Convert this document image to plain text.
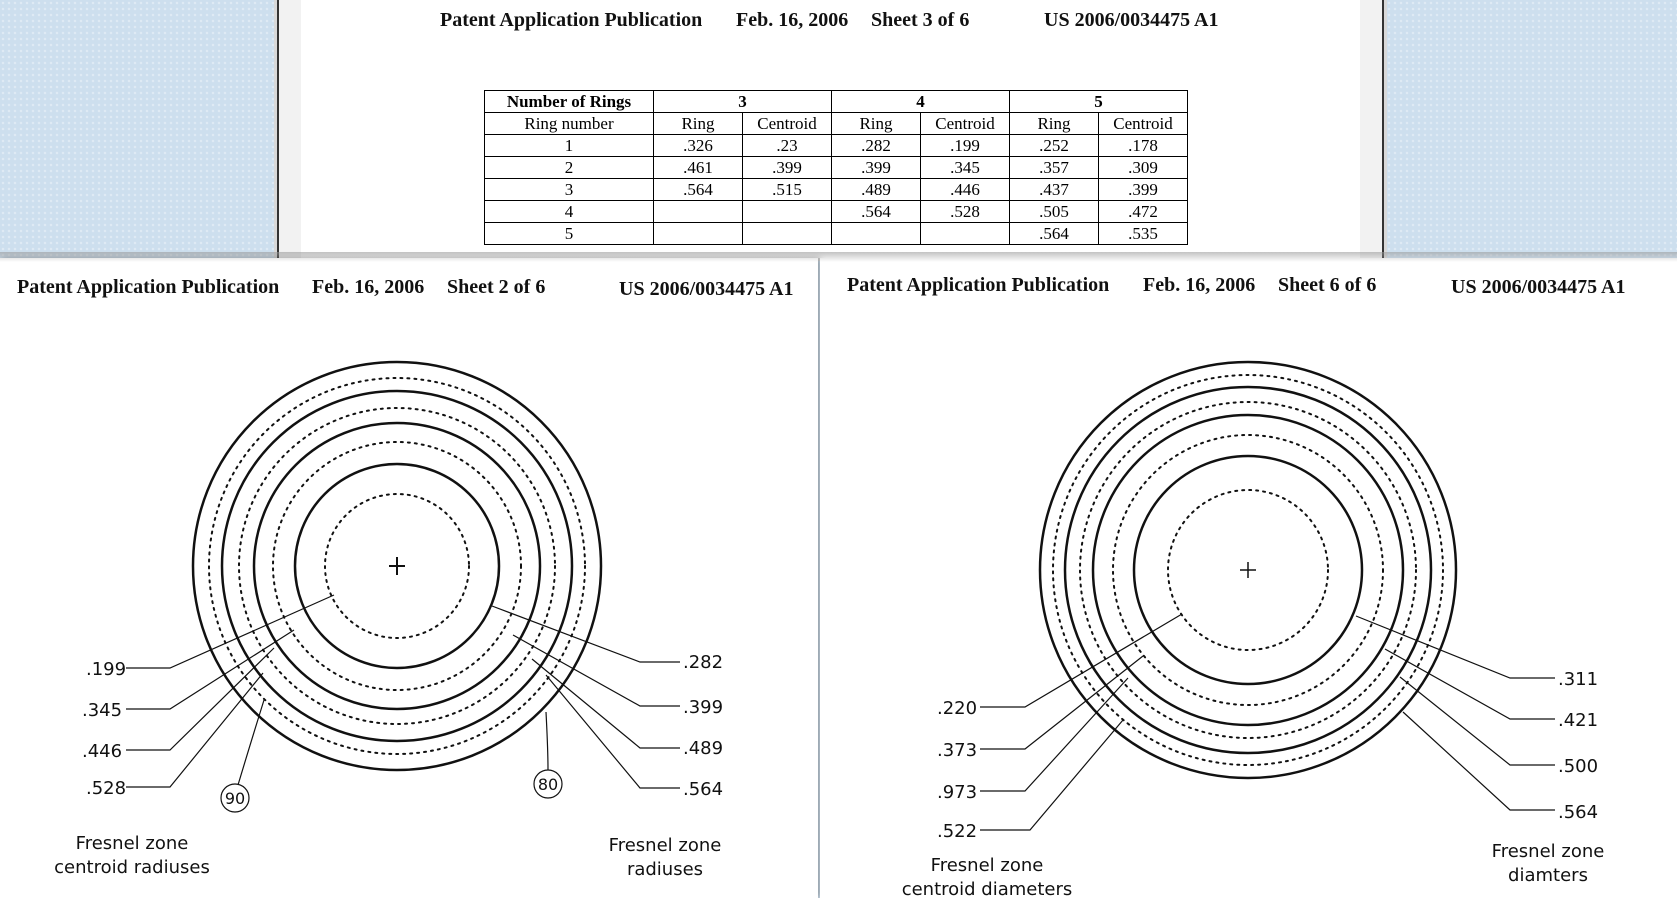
Patent Application Publication Feb. 16, 2006 Sheet 3 of 6	US 2006/0034475 A1
Number of Rings	3		4		5	
Ring number	Ring	Centroid	Ring	Centroid	Ring	Centroid
1	.326	.23	.282	.199	.252	.178
2	.461	.399	.399	.345	.357	.309
3	.564	.515	.489	.446	.437	.399
4			.564	.528	.505	.472
5					.564	.535
Patent Application Publication Feb. 16, 2006 Sheet 2 of 6	US 2006/0034475 A1	Patent Application Publication Feb. 16, 2006 Sheet 6 of 6	US 2006/0034475 A1
.199
.345
.446
.528
.282
.399
.489
.564
90
80
Fresnel zone
centroid radiuses
Fresnel zone
radiuses
.220
.373
.973
.522
.311
.421
.500
.564
Fresnel zone
centroid diameters
Fresnel zone
diamters
